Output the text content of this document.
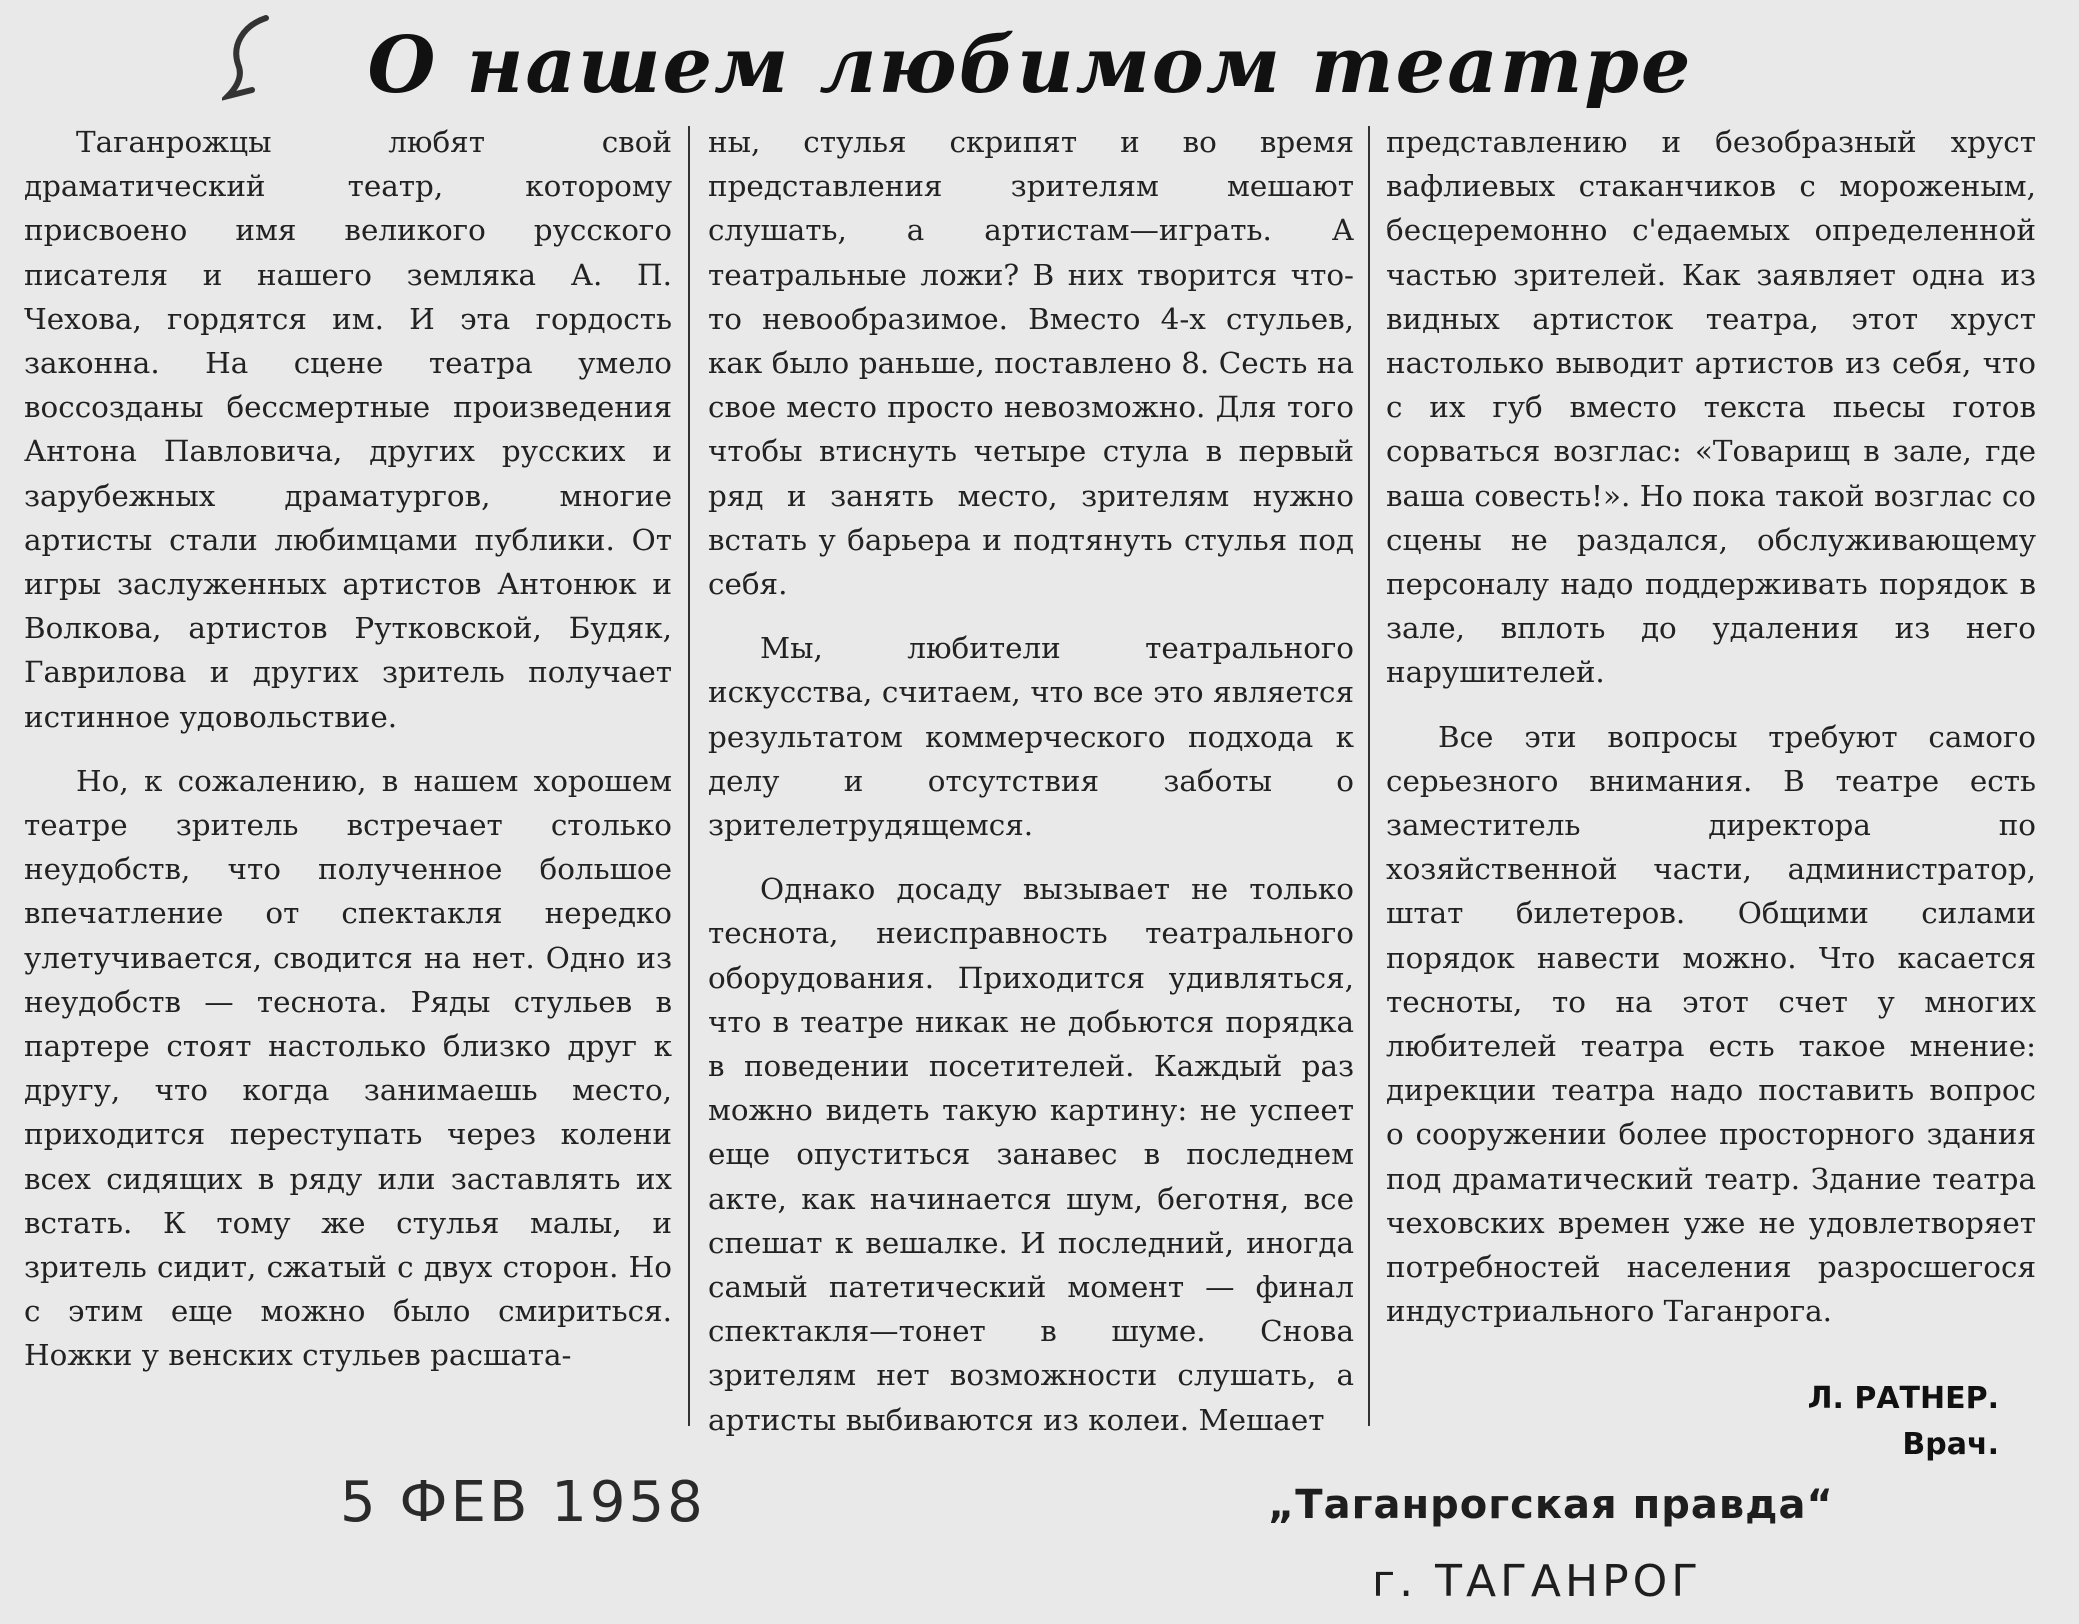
О нашем любимом театре

Таганрожцы любят свой драматический театр, которому присвоено имя великого русского писателя и нашего земляка А. П. Чехова, гордятся им. И эта гордость законна. На сцене театра умело воссозданы бессмертные произведения Антона Павловича, других русских и зарубежных драматургов, многие артисты стали любимцами публики. От игры заслуженных артистов Антонюк и Волкова, артистов Рутковской, Будяк, Гаврилова и других зритель получает истинное удовольствие.

Но, к сожалению, в нашем хорошем театре зритель встречает столько неудобств, что полученное большое впечатление от спектакля нередко улетучивается, сводится на нет. Одно из неудобств — теснота. Ряды стульев в партере стоят настолько близко друг к другу, что когда занимаешь место, приходится переступать через колени всех сидящих в ряду или заставлять их встать. К тому же стулья малы, и зритель сидит, сжатый с двух сторон. Но с этим еще можно было смириться. Ножки у венских стульев расшата-

ны, стулья скрипят и во время представления зрителям мешают слушать, а артистам—играть. А театральные ложи? В них творится что-то невообразимое. Вместо 4-х стульев, как было раньше, поставлено 8. Сесть на свое место просто невозможно. Для того чтобы втиснуть четыре стула в первый ряд и занять место, зрителям нужно встать у барьера и подтянуть стулья под себя.

Мы, любители театрального искусства, считаем, что все это является результатом коммерческого подхода к делу и отсутствия заботы о зрителетрудящемся.

Однако досаду вызывает не только теснота, неисправность театрального оборудования. Приходится удивляться, что в театре никак не добьются порядка в поведении посетителей. Каждый раз можно видеть такую картину: не успеет еще опуститься занавес в последнем акте, как начинается шум, беготня, все спешат к вешалке. И последний, иногда самый патетический момент — финал спектакля—тонет в шуме. Снова зрителям нет возможности слушать, а артисты выбиваются из колеи. Мешает

представлению и безобразный хруст вафлиевых стаканчиков с мороженым, бесцеремонно с'едаемых определенной частью зрителей. Как заявляет одна из видных артисток театра, этот хруст настолько выводит артистов из себя, что с их губ вместо текста пьесы готов сорваться возглас: «Товарищ в зале, где ваша совесть!». Но пока такой возглас со сцены не раздался, обслуживающему персоналу надо поддерживать порядок в зале, вплоть до удаления из него нарушителей.

Все эти вопросы требуют самого серьезного внимания. В театре есть заместитель директора по хозяйственной части, администратор, штат билетеров. Общими силами порядок навести можно. Что касается тесноты, то на этот счет у многих любителей театра есть такое мнение: дирекции театра надо поставить вопрос о сооружении более просторного здания под драматический театр. Здание театра чеховских времен уже не удовлетворяет потребностей населения разросшегося индустриального Таганрога.

Л. РАТНЕР.
Врач.
5 ФЕВ 1958	„Таганрогская правда“
г. ТАГАНРОГ
